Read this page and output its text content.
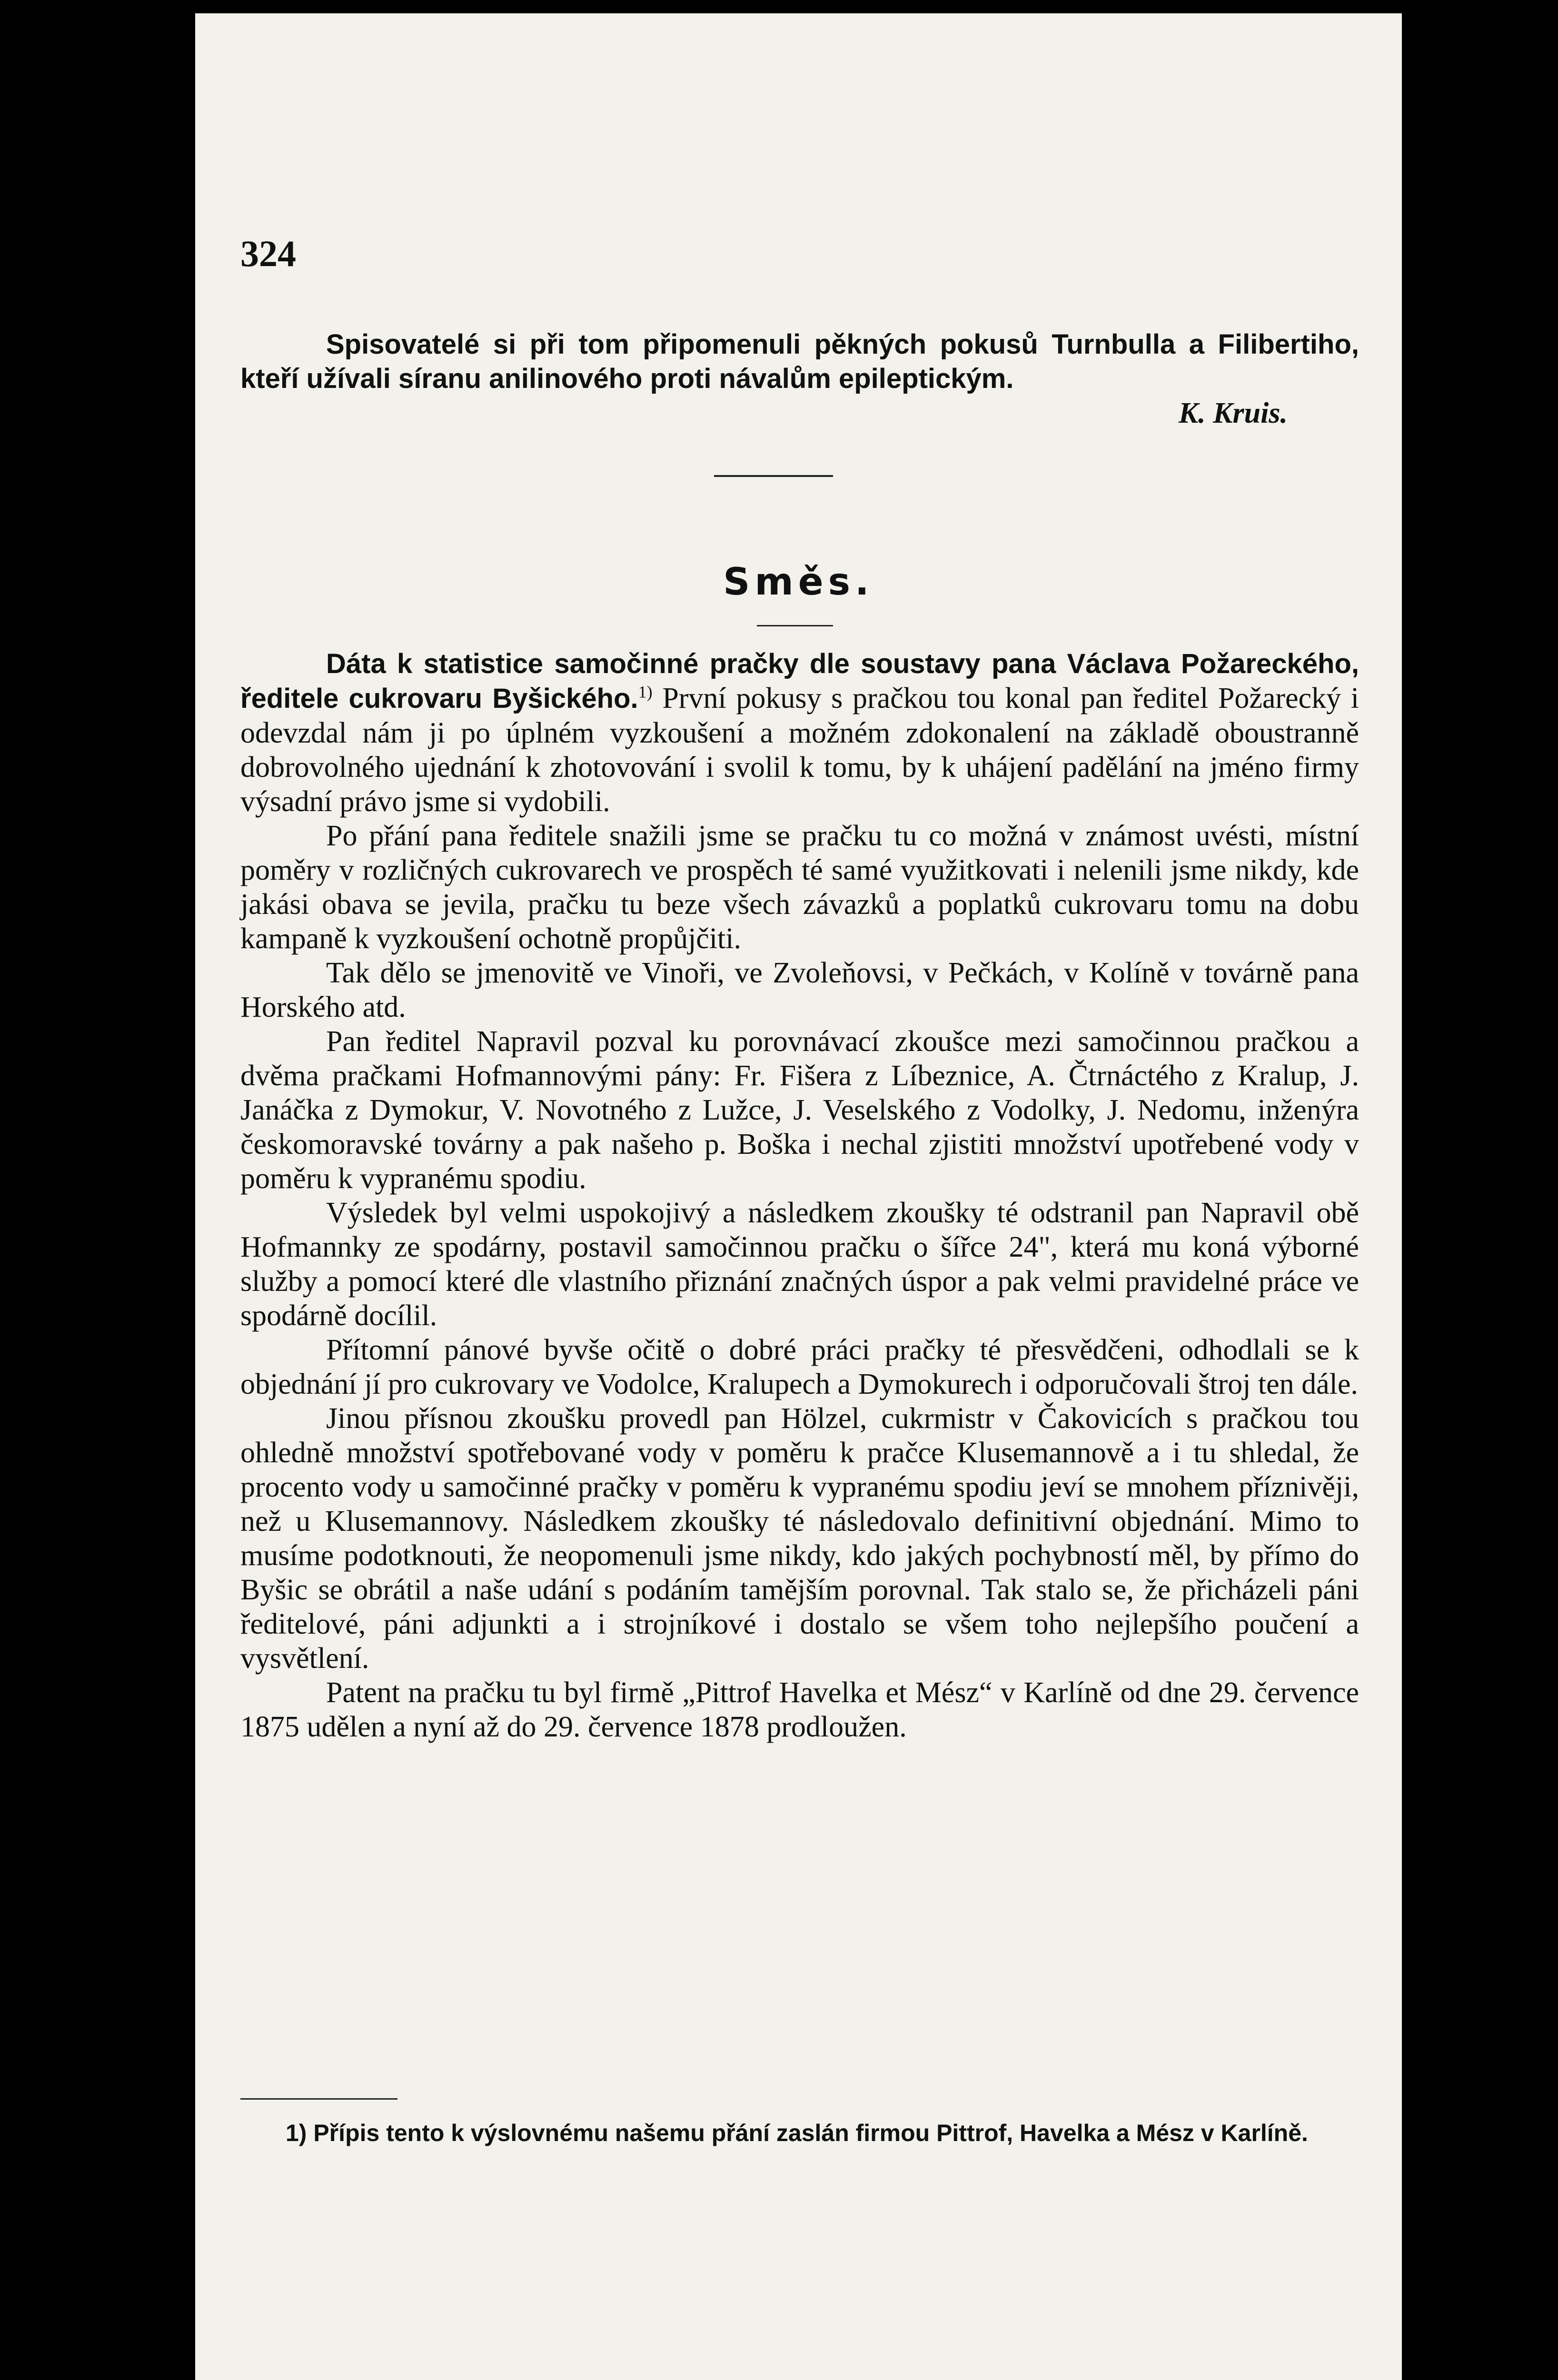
324

Spisovatelé si při tom připomenuli pěkných pokusů Turnbulla a Filibertiho, kteří užívali síranu anilinového proti návalům epileptickým.

K. Kruis.

Směs.

Dáta k statistice samočinné pračky dle soustavy pana Václava Požareckého, ředitele cukrovaru Byšického.$^{1)}$ První pokusy s pračkou tou konal pan ředitel Požarecký i odevzdal nám ji po úplném vyzkoušení a možném zdokonalení na základě oboustranně dobrovolného ujednání k zhotovování i svolil k tomu, by k uhájení padělání na jméno firmy výsadní právo jsme si vydobili.

Po přání pana ředitele snažili jsme se pračku tu co možná v známost uvésti, místní poměry v rozličných cukrovarech ve prospěch té samé využitkovati i nelenili jsme nikdy, kde jakási obava se jevila, pračku tu beze všech závazků a poplatků cukrovaru tomu na dobu kampaně k vyzkoušení ochotně propůjčiti.

Tak dělo se jmenovitě ve Vinoři, ve Zvoleňovsi, v Pečkách, v Kolíně v továrně pana Horského atd.

Pan ředitel Napravil pozval ku porovnávací zkoušce mezi samočinnou pračkou a dvěma pračkami Hofmannovými pány: Fr. Fišera z Líbeznice, A. Čtrnáctého z Kralup, J. Janáčka z Dymokur, V. Novotného z Lužce, J. Veselského z Vodolky, J. Nedomu, inženýra českomoravské továrny a pak našeho p. Boška i nechal zjistiti množství upotřebené vody v poměru k vypranému spodiu.

Výsledek byl velmi uspokojivý a následkem zkoušky té odstranil pan Napravil obě Hofmannky ze spodárny, postavil samočinnou pračku o šířce 24", která mu koná výborné služby a pomocí které dle vlastního přiznání značných úspor a pak velmi pravidelné práce ve spodárně docílil.

Přítomní pánové byvše očitě o dobré práci pračky té přesvědčeni, odhodlali se k objednání jí pro cukrovary ve Vodolce, Kralupech a Dymokurech i odporučovali štroj ten dále.

Jinou přísnou zkoušku provedl pan Hölzel, cukrmistr v Čakovicích s pračkou tou ohledně množství spotřebované vody v poměru k pračce Klusemannově a i tu shledal, že procento vody u samočinné pračky v poměru k vypranému spodiu jeví se mnohem příznivěji, než u Klusemannovy. Následkem zkoušky té následovalo definitivní objednání. Mimo to musíme podotknouti, že neopomenuli jsme nikdy, kdo jakých pochybností měl, by přímo do Byšic se obrátil a naše udání s podáním tamějším porovnal. Tak stalo se, že přicházeli páni ředitelové, páni adjunkti a i strojníkové i dostalo se všem toho nejlepšího poučení a vysvětlení.

Patent na pračku tu byl firmě „Pittrof Havelka et Mész“ v Karlíně od dne 29. července 1875 udělen a nyní až do 29. července 1878 prodloužen.

1) Přípis tento k výslovnému našemu přání zaslán firmou Pittrof, Havelka a Mész v Karlíně.
